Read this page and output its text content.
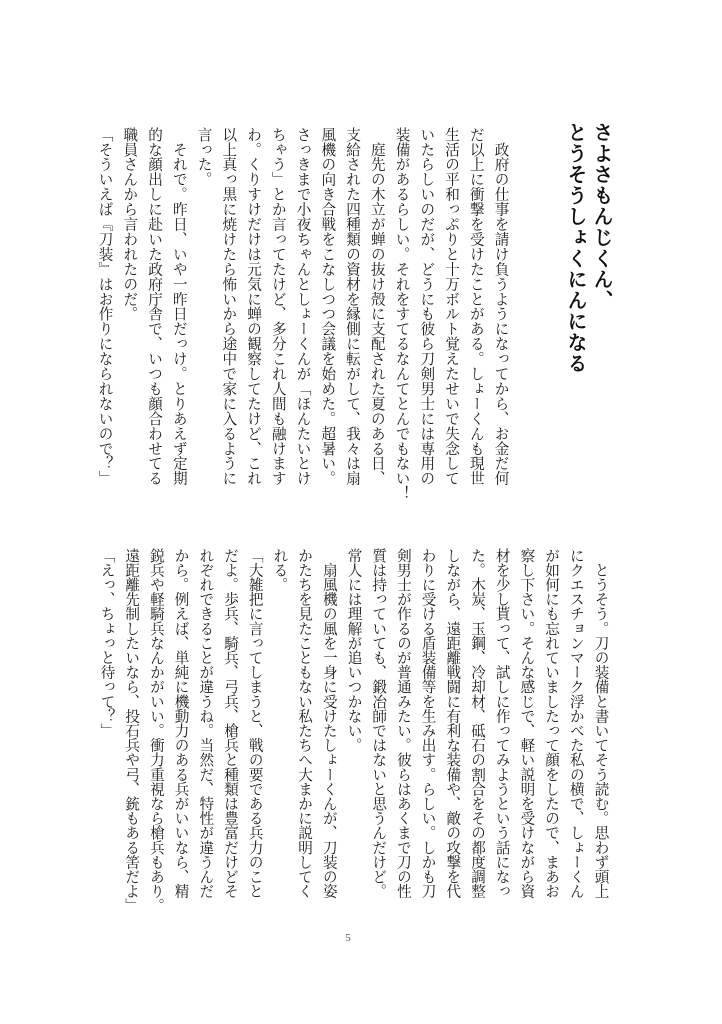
さよさもんじくん、
とうそうしょくにんになる
　政府の仕事を請け負うようになってから、お金だ何
だ以上に衝撃を受けたことがある。しょーくんも現世
生活の平和っぷりと十万ボルト覚えたせいで失念して
いたらしいのだが、どうにも彼ら刀剣男士には専用の
装備があるらしい。それをすてるなんてとんでもない！
　庭先の木立が蝉の抜け殻に支配された夏のある日、
支給された四種類の資材を縁側に転がして、我々は扇
風機の向き合戦をこなしつつ会議を始めた。超暑い。
さっきまで小夜ちゃんとしょーくんが「ほんたいとけ
ちゃう」とか言ってたけど、多分これ人間も融けます
わ。くりすけだけは元気に蝉の観察してたけど、これ
以上真っ黒に焼けたら怖いから途中で家に入るように
言った。
　それで。昨日、いや一昨日だっけ。とりあえず定期
的な顔出しに赴いた政府庁舎で、いつも顔合わせてる
職員さんから言われたのだ。
「そういえば『刀装』はお作りになられないので？」
　とうそう。刀の装備と書いてそう読む。思わず頭上
にクエスチョンマーク浮かべた私の横で、しょーくん
が如何にも忘れていましたって顔をしたので、まあお
察し下さい。そんな感じで、軽い説明を受けながら資
材を少し貰って、試しに作ってみようという話になっ
た。木炭、玉鋼、冷却材、砥石の割合をその都度調整
しながら、遠距離戦闘に有利な装備や、敵の攻撃を代
わりに受ける盾装備等を生み出す。らしい。しかも刀
剣男士が作るのが普通みたい。彼らはあくまで刀の性
質は持っていても、鍛冶師ではないと思うんだけど。
常人には理解が追いつかない。
　扇風機の風を一身に受けたしょーくんが、刀装の姿
かたちを見たこともない私たちへ大まかに説明してく
れる。
「大雑把に言ってしまうと、戦の要である兵力のこと
だよ。歩兵、騎兵、弓兵、槍兵と種類は豊富だけどそ
れぞれできることが違うね。当然だ、特性が違うんだ
から。例えば、単純に機動力のある兵がいいなら、精
鋭兵や軽騎兵なんかがいい。衝力重視なら槍兵もあり。
遠距離先制したいなら、投石兵や弓、銃もある筈だよ」
「えっ、ちょっと待って？」
5
